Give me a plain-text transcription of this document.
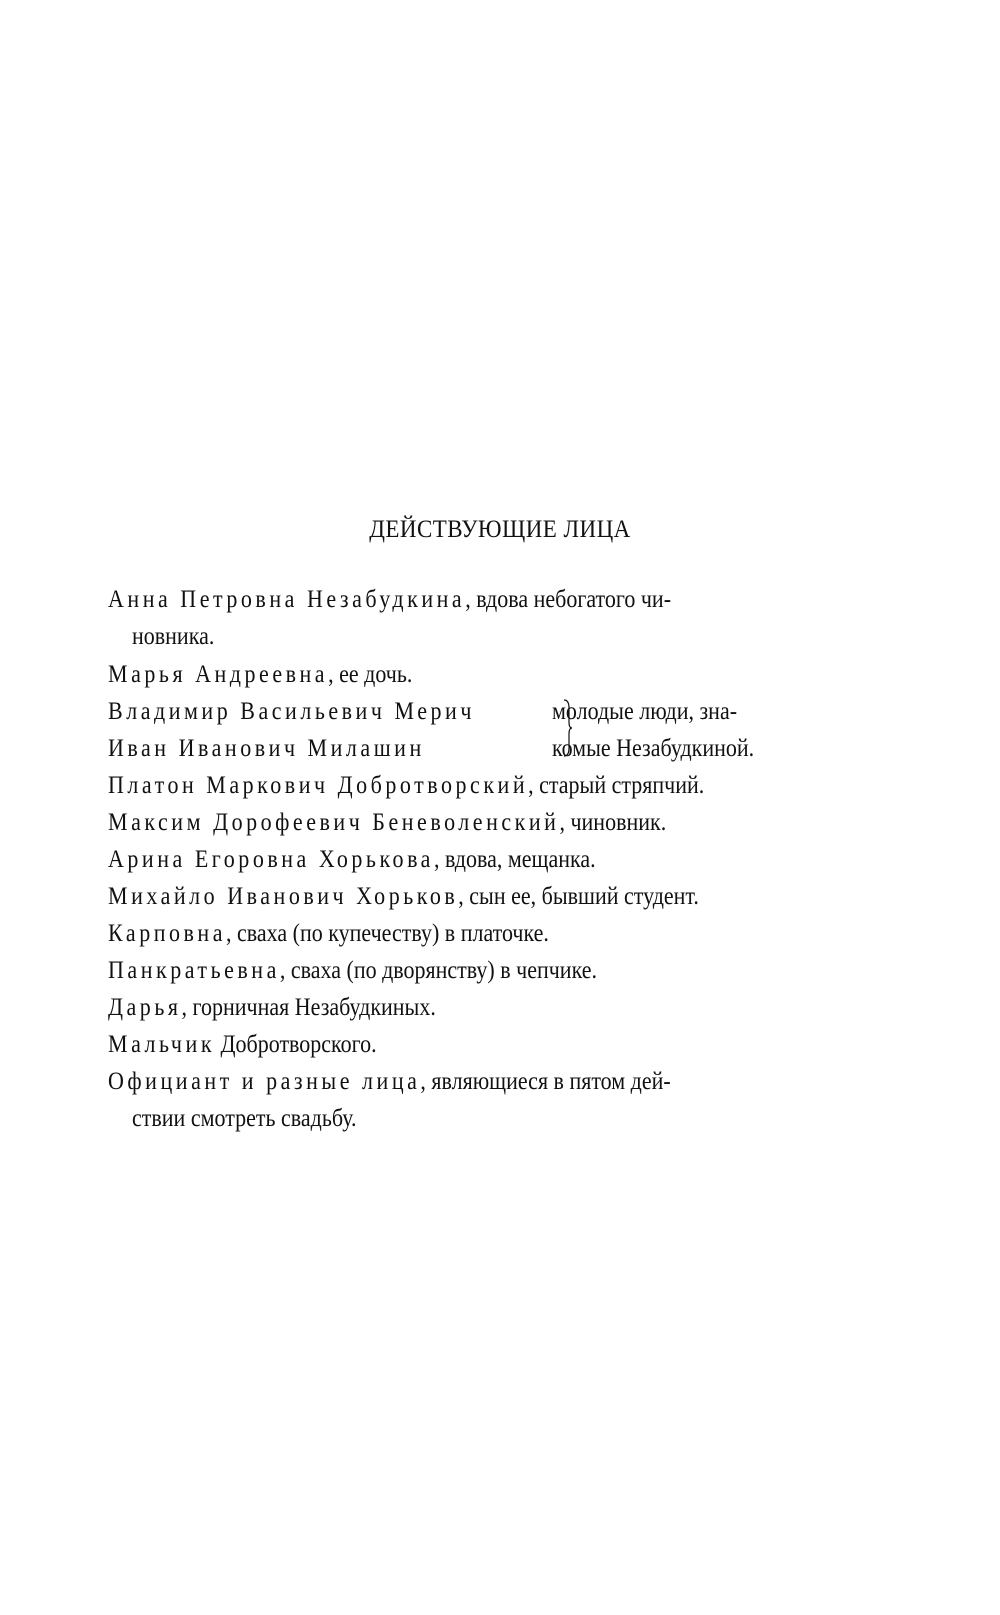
ДЕЙСТВУЮЩИЕ ЛИЦА
Анна Петровна Незабудкина, вдова небогатого чи-
новника.
Марья Андреевна, ее дочь.
Владимир Васильевич Мерич
Иван Иванович Милашин
молодые люди, зна-
комые Незабудкиной.
Платон Маркович Добротворский, старый стряпчий.
Максим Дорофеевич Беневоленский, чиновник.
Арина Егоровна Хорькова, вдова, мещанка.
Михайло Иванович Хорьков, сын ее, бывший студент.
Карповна, сваха (по купечеству) в платочке.
Панкратьевна, сваха (по дворянству) в чепчике.
Дарья, горничная Незабудкиных.
Мальчик Добротворского.
Официант и разные лица, являющиеся в пятом дей-
ствии смотреть свадьбу.
